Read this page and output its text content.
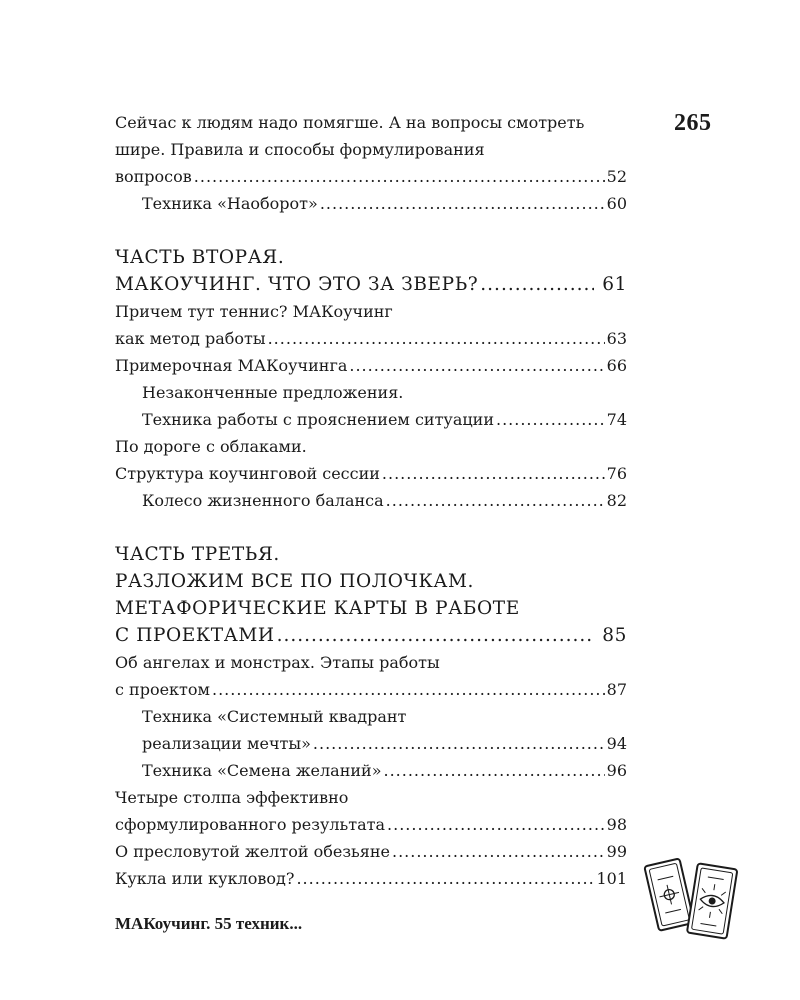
265
Сейчас к людям надо помягше. А на вопросы смотреть
шире. Правила и способы формулирования
вопросов .....	52
Техника «Наоборот» .....	60
ЧАСТЬ ВТОРАЯ.
МАКОУЧИНГ. ЧТО ЭТО ЗА ЗВЕРЬ? .....	61
Причем тут теннис? МАКоучинг
как метод работы .....	63
Примерочная МАКоучинга .....	66
Незаконченные предложения.
Техника работы с прояснением ситуации .....	74
По дороге с облаками.
Структура коучинговой сессии .....	76
Колесо жизненного баланса .....	82
ЧАСТЬ ТРЕТЬЯ.
РАЗЛОЖИМ ВСЕ ПО ПОЛОЧКАМ.
МЕТАФОРИЧЕСКИЕ КАРТЫ В РАБОТЕ
С ПРОЕКТАМИ .....	85
Об ангелах и монстрах. Этапы работы
с проектом .....	87
Техника «Системный квадрант
реализации мечты» .....	94
Техника «Семена желаний» .....	96
Четыре столпа эффективно
сформулированного результата .....	98
О пресловутой желтой обезьяне .....	99
Кукла или кукловод? .....	101
МАКоучинг. 55 техник...
